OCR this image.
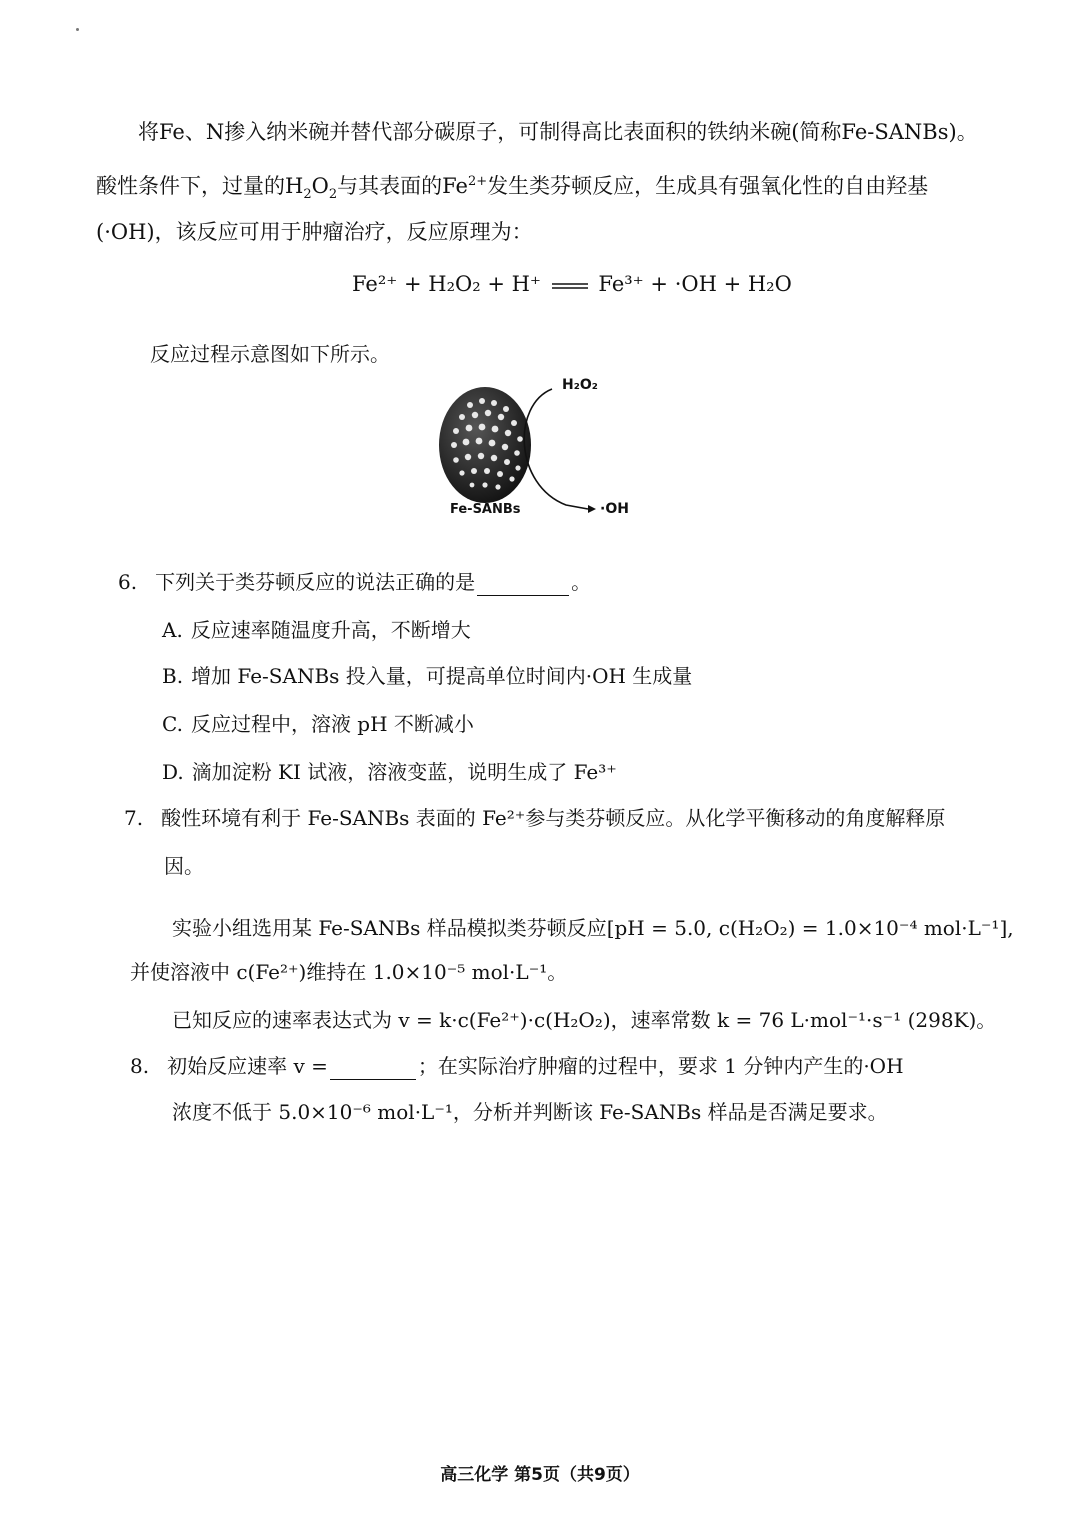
将Fe、N掺入纳米碗并替代部分碳原子，可制得高比表面积的铁纳米碗(简称Fe-SANBs)。
酸性条件下，过量的$H_2O_2$与其表面的$Fe^{2+}$发生类芬顿反应，生成具有强氧化性的自由羟基
(·OH)，该反应可用于肿瘤治疗，反应原理为：
Fe²⁺ + H₂O₂ + H⁺	Fe³⁺ + ·OH + H₂O
反应过程示意图如下所示。
H₂O₂
·OH
Fe-SANBs
6. 下列关于类芬顿反应的说法正确的是	。
A. 反应速率随温度升高，不断增大
B. 增加 Fe-SANBs 投入量，可提高单位时间内·OH 生成量
C. 反应过程中，溶液 pH 不断减小
D. 滴加淀粉 KI 试液，溶液变蓝，说明生成了 Fe³⁺
7. 酸性环境有利于 Fe-SANBs 表面的 Fe²⁺参与类芬顿反应。从化学平衡移动的角度解释原
因。
实验小组选用某 Fe-SANBs 样品模拟类芬顿反应[pH = 5.0, c(H₂O₂) = 1.0×10⁻⁴ mol·L⁻¹],
并使溶液中 c(Fe²⁺)维持在 1.0×10⁻⁵ mol·L⁻¹。
已知反应的速率表达式为 v = k·c(Fe²⁺)·c(H₂O₂)，速率常数 k = 76 L·mol⁻¹·s⁻¹ (298K)。
8. 初始反应速率 v =	；在实际治疗肿瘤的过程中，要求 1 分钟内产生的·OH
浓度不低于 5.0×10⁻⁶ mol·L⁻¹，分析并判断该 Fe-SANBs 样品是否满足要求。
高三化学 第5页（共9页）
